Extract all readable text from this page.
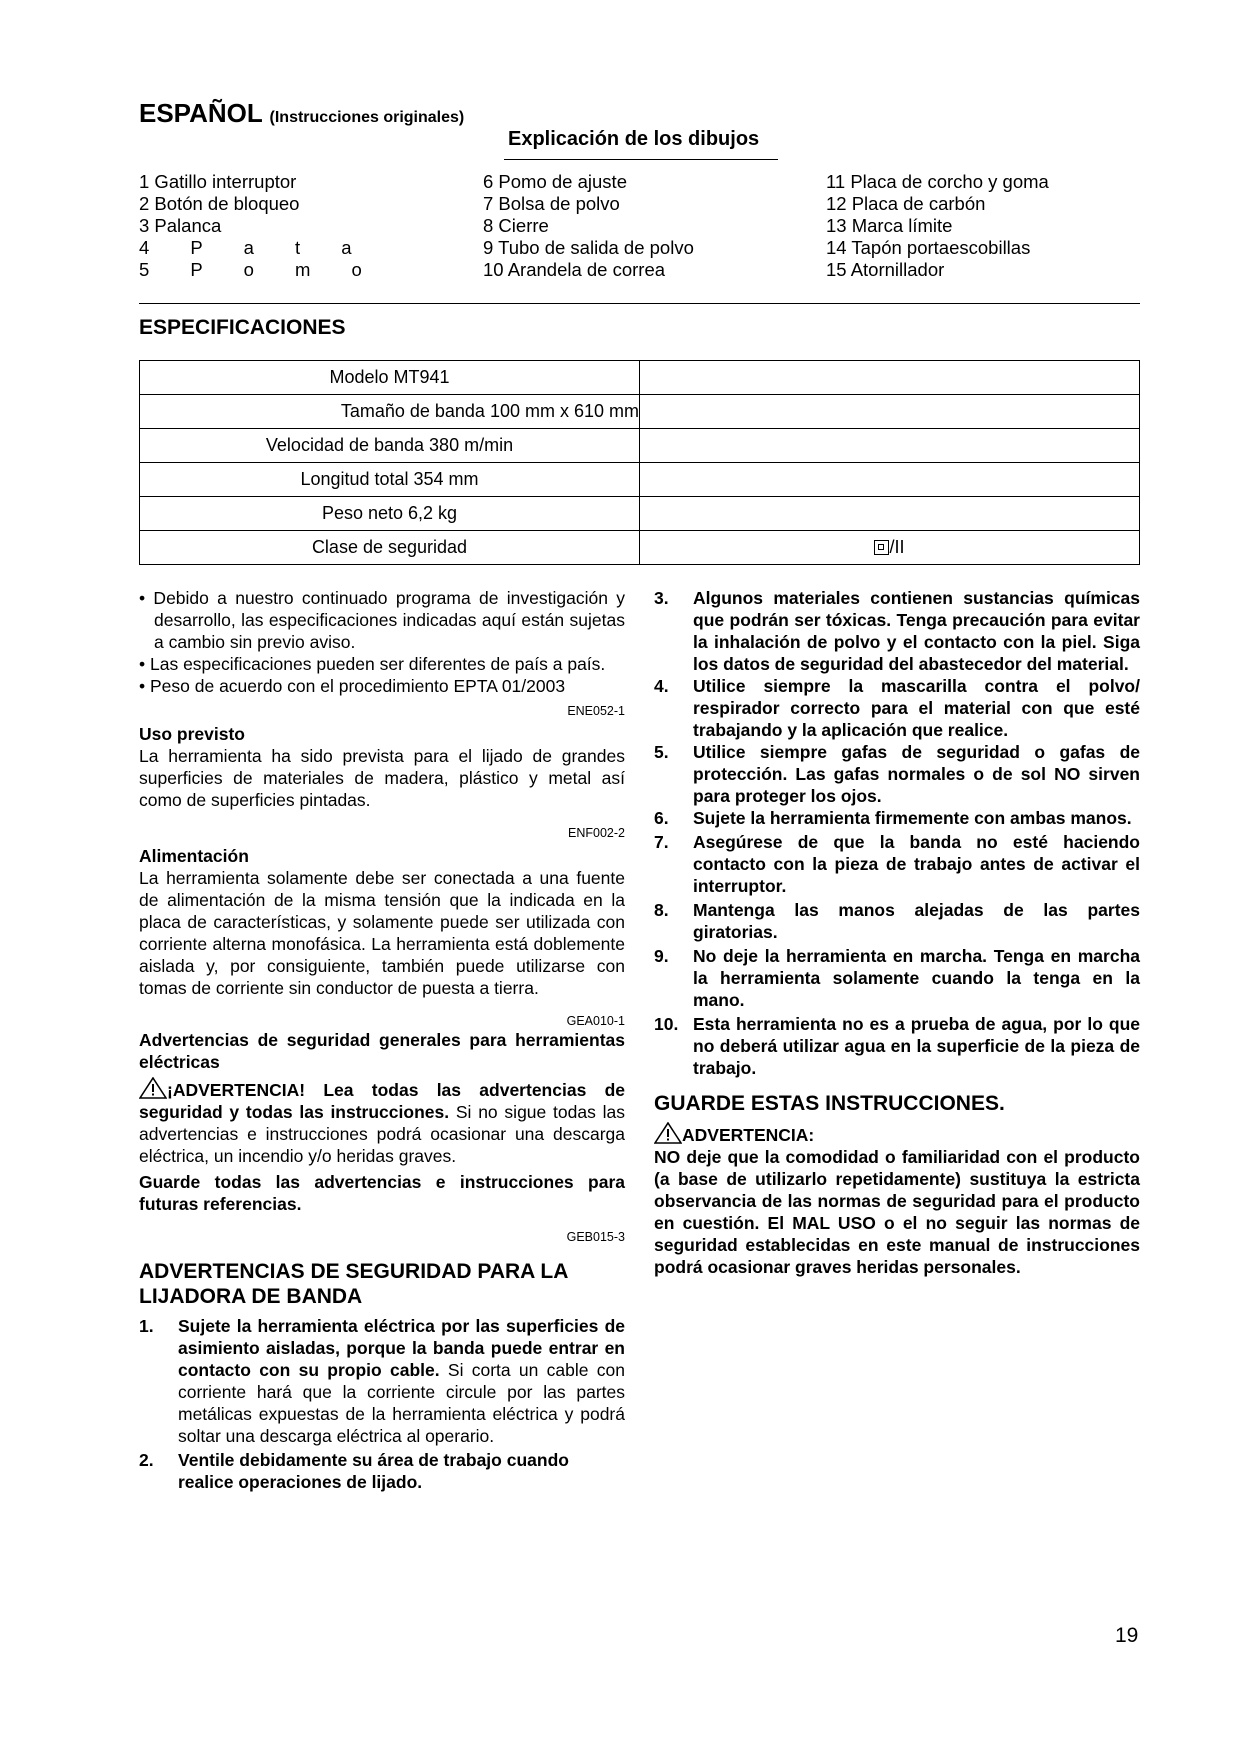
ESPAÑOL (Instrucciones originales)
Explicación de los dibujos
1 Gatillo interruptor
2 Botón de bloqueo
3 Palanca
4 P a t a
5 P o m o
6 Pomo de ajuste
7 Bolsa de polvo
8 Cierre
9 Tubo de salida de polvo
10 Arandela de correa
11 Placa de corcho y goma
12 Placa de carbón
13 Marca límite
14 Tapón portaescobillas
15 Atornillador
ESPECIFICACIONES
Modelo MT941	
Tamaño de banda 100 mm x 610 mm	
Velocidad de banda 380 m/min	
Longitud total 354 mm	
Peso neto 6,2 kg	
Clase de seguridad	/II

• Debido a nuestro continuado programa de investigación y desarrollo, las especificaciones indicadas aquí están sujetas a cambio sin previo aviso.

• Las especificaciones pueden ser diferentes de país a país.

• Peso de acuerdo con el procedimiento EPTA 01/2003

ENE052-1

Uso previsto

La herramienta ha sido prevista para el lijado de grandes superficies de materiales de madera, plástico y metal así como de superficies pintadas.

ENF002-2

Alimentación

La herramienta solamente debe ser conectada a una fuente de alimentación de la misma tensión que la indicada en la placa de características, y solamente puede ser utilizada con corriente alterna monofásica. La herramienta está doblemente aislada y, por consiguiente, también puede utilizarse con tomas de corriente sin conductor de puesta a tierra.

GEA010-1

Advertencias de seguridad generales para herramientas eléctricas

¡ADVERTENCIA! Lea todas las advertencias de seguridad y todas las instrucciones. Si no sigue todas las advertencias e instrucciones podrá ocasionar una descarga eléctrica, un incendio y/o heridas graves.

Guarde todas las advertencias e instrucciones para futuras referencias.

GEB015-3

ADVERTENCIAS DE SEGURIDAD PARA LA LIJADORA DE BANDA

1. Sujete la herramienta eléctrica por las superficies de asimiento aisladas, porque la banda puede entrar en contacto con su propio cable. Si corta un cable con corriente hará que la corriente circule por las partes metálicas expuestas de la herramienta eléctrica y podrá soltar una descarga eléctrica al operario.
2. Ventile debidamente su área de trabajo cuando realice operaciones de lijado.
3. Algunos materiales contienen sustancias químicas que podrán ser tóxicas. Tenga precaución para evitar la inhalación de polvo y el contacto con la piel. Siga los datos de seguridad del abastecedor del material.
4. Utilice siempre la mascarilla contra el polvo/ respirador correcto para el material con que esté trabajando y la aplicación que realice.
5. Utilice siempre gafas de seguridad o gafas de protección. Las gafas normales o de sol NO sirven para proteger los ojos.
6. Sujete la herramienta firmemente con ambas manos.
7. Asegúrese de que la banda no esté haciendo contacto con la pieza de trabajo antes de activar el interruptor.
8. Mantenga las manos alejadas de las partes giratorias.
9. No deje la herramienta en marcha. Tenga en marcha la herramienta solamente cuando la tenga en la mano.
10. Esta herramienta no es a prueba de agua, por lo que no deberá utilizar agua en la superficie de la pieza de trabajo.

GUARDE ESTAS INSTRUCCIONES.

ADVERTENCIA:

NO deje que la comodidad o familiaridad con el producto (a base de utilizarlo repetidamente) sustituya la estricta observancia de las normas de seguridad para el producto en cuestión. El MAL USO o el no seguir las normas de seguridad establecidas en este manual de instrucciones podrá ocasionar graves heridas personales.

19
